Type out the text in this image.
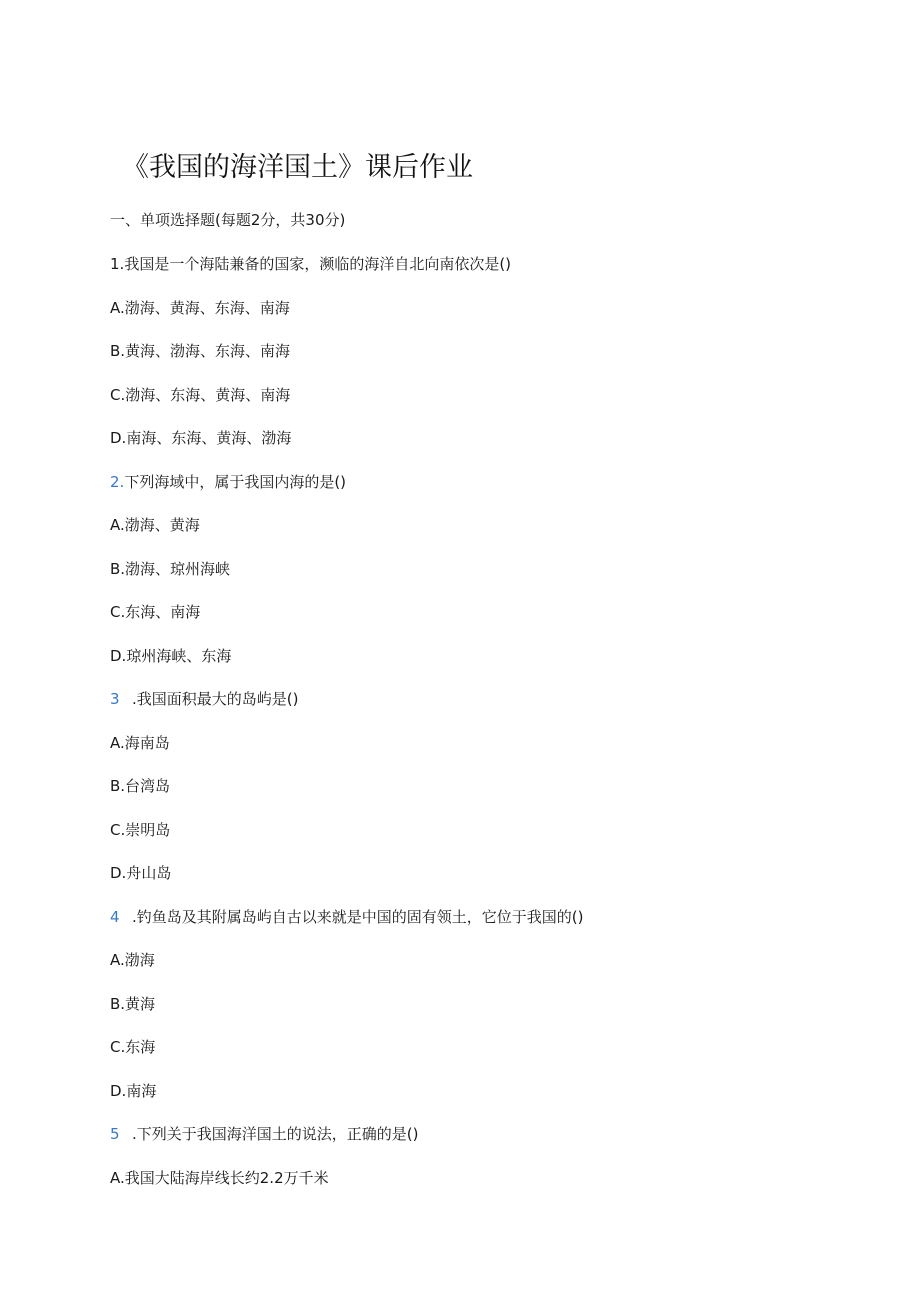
《我国的海洋国土》课后作业
一、单项选择题(每题2分，共30分)
1.我国是一个海陆兼备的国家，濒临的海洋自北向南依次是()
A.渤海、黄海、东海、南海
B.黄海、渤海、东海、南海
C.渤海、东海、黄海、南海
D.南海、东海、黄海、渤海
2.下列海域中，属于我国内海的是()
A.渤海、黄海
B.渤海、琼州海峡
C.东海、南海
D.琼州海峡、东海
3 .我国面积最大的岛屿是()
A.海南岛
B.台湾岛
C.崇明岛
D.舟山岛
4 .钓鱼岛及其附属岛屿自古以来就是中国的固有领土，它位于我国的()
A.渤海
B.黄海
C.东海
D.南海
5 .下列关于我国海洋国土的说法，正确的是()
A.我国大陆海岸线长约2.2万千米
